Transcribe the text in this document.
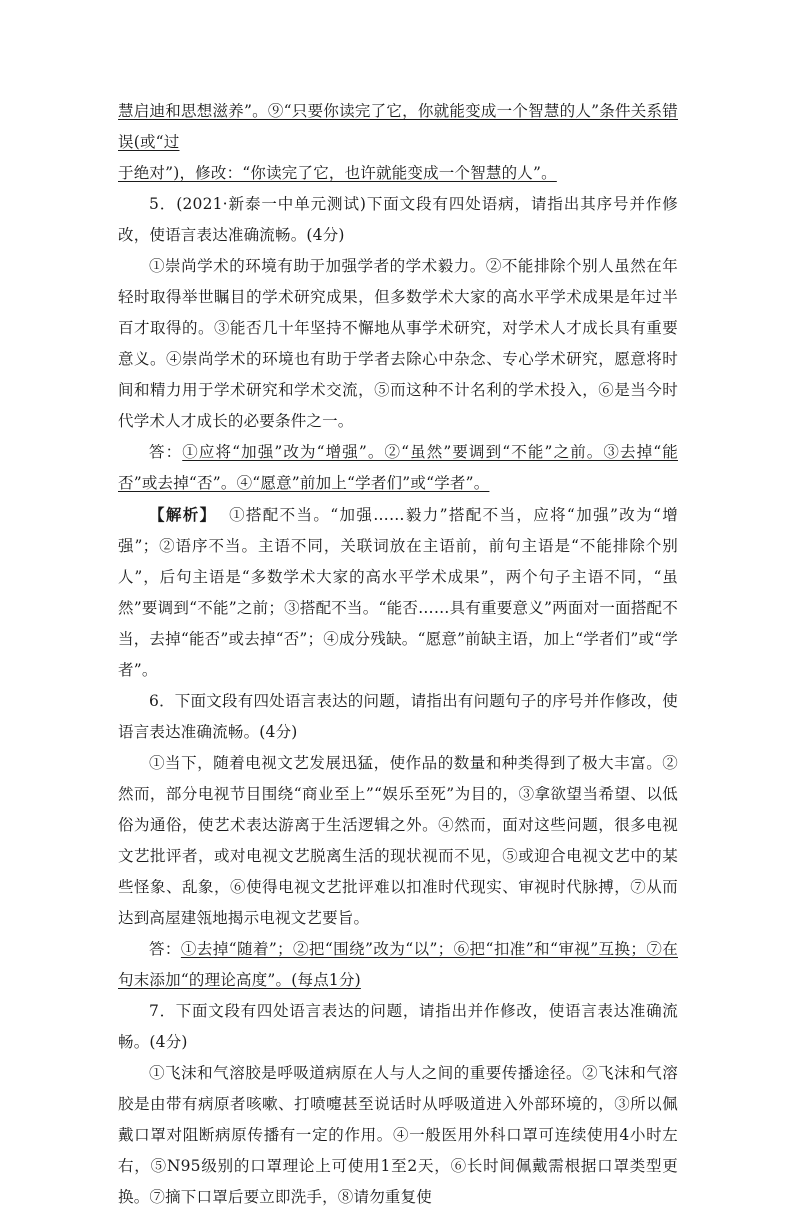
慧启迪和思想滋养”。⑨“只要你读完了它，你就能变成一个智慧的人”条件关系错误(或“过

于绝对”)，修改：“你读完了它，也许就能变成一个智慧的人”。

5．(2021·新泰一中单元测试)下面文段有四处语病，请指出其序号并作修改，使语言表达准确流畅。(4分)

①崇尚学术的环境有助于加强学者的学术毅力。②不能排除个别人虽然在年轻时取得举世瞩目的学术研究成果，但多数学术大家的高水平学术成果是年过半百才取得的。③能否几十年坚持不懈地从事学术研究，对学术人才成长具有重要意义。④崇尚学术的环境也有助于学者去除心中杂念、专心学术研究，愿意将时间和精力用于学术研究和学术交流，⑤而这种不计名利的学术投入，⑥是当今时代学术人才成长的必要条件之一。

答：①应将“加强”改为“增强”。②“虽然”要调到“不能”之前。③去掉“能否”或去掉“否”。④“愿意”前加上“学者们”或“学者”。

【解析】 ①搭配不当。“加强……毅力”搭配不当，应将“加强”改为“增强”；②语序不当。主语不同，关联词放在主语前，前句主语是“不能排除个别人”，后句主语是“多数学术大家的高水平学术成果”，两个句子主语不同，“虽然”要调到“不能”之前；③搭配不当。“能否……具有重要意义”两面对一面搭配不当，去掉“能否”或去掉“否”；④成分残缺。“愿意”前缺主语，加上“学者们”或“学者”。

6．下面文段有四处语言表达的问题，请指出有问题句子的序号并作修改，使语言表达准确流畅。(4分)

①当下，随着电视文艺发展迅猛，使作品的数量和种类得到了极大丰富。②然而，部分电视节目围绕“商业至上”“娱乐至死”为目的，③拿欲望当希望、以低俗为通俗，使艺术表达游离于生活逻辑之外。④然而，面对这些问题，很多电视文艺批评者，或对电视文艺脱离生活的现状视而不见，⑤或迎合电视文艺中的某些怪象、乱象，⑥使得电视文艺批评难以扣准时代现实、审视时代脉搏，⑦从而达到高屋建瓴地揭示电视文艺要旨。

答：①去掉“随着”；②把“围绕”改为“以”；⑥把“扣准”和“审视”互换；⑦在句末添加“的理论高度”。(每点1分)

7．下面文段有四处语言表达的问题，请指出并作修改，使语言表达准确流畅。(4分)

①飞沫和气溶胶是呼吸道病原在人与人之间的重要传播途径。②飞沫和气溶胶是由带有病原者咳嗽、打喷嚏甚至说话时从呼吸道进入外部环境的，③所以佩戴口罩对阻断病原传播有一定的作用。④一般医用外科口罩可连续使用4小时左右，⑤N95级别的口罩理论上可使用1至2天，⑥长时间佩戴需根据口罩类型更换。⑦摘下口罩后要立即洗手，⑧请勿重复使
